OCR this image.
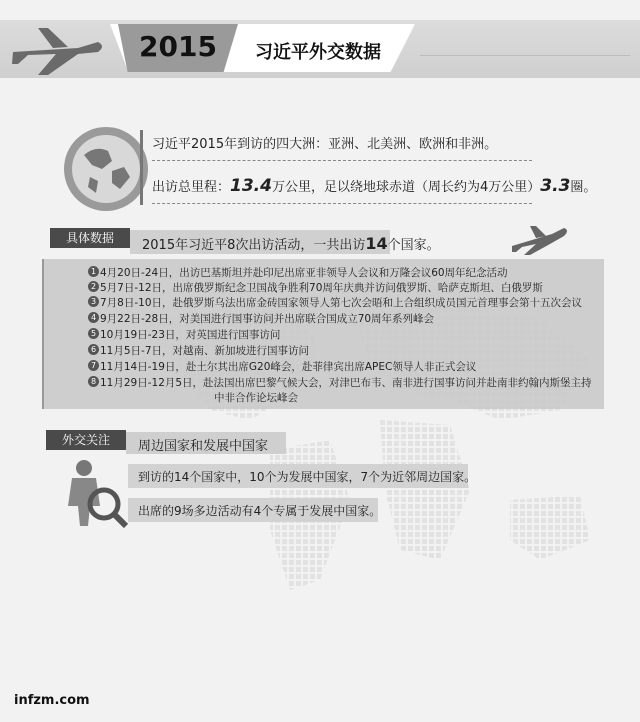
2015	习近平外交数据
习近平2015年到访的四大洲：亚洲、北美洲、欧洲和非洲。
出访总里程：13.4万公里，足以绕地球赤道（周长约为4万公里）3.3圈。
具体数据	2015年习近平8次出访活动，一共出访14个国家。
1 4月20日-24日，出访巴基斯坦并赴印尼出席亚非领导人会议和万隆会议60周年纪念活动
2 5月7日-12日，出席俄罗斯纪念卫国战争胜利70周年庆典并访问俄罗斯、哈萨克斯坦、白俄罗斯
3 7月8日-10日，赴俄罗斯乌法出席金砖国家领导人第七次会晤和上合组织成员国元首理事会第十五次会议
4 9月22日-28日，对美国进行国事访问并出席联合国成立70周年系列峰会
5 10月19日-23日，对英国进行国事访问
6 11月5日-7日，对越南、新加坡进行国事访问
7 11月14日-19日，赴土尔其出席G20峰会，赴菲律宾出席APEC领导人非正式会议
8 11月29日-12月5日，赴法国出席巴黎气候大会，对津巴布韦、南非进行国事访问并赴南非约翰内斯堡主持
中非合作论坛峰会
外交关注	周边国家和发展中国家
到访的14个国家中，10个为发展中国家，7个为近邻周边国家。
出席的9场多边活动有4个专属于发展中国家。
infzm.com
